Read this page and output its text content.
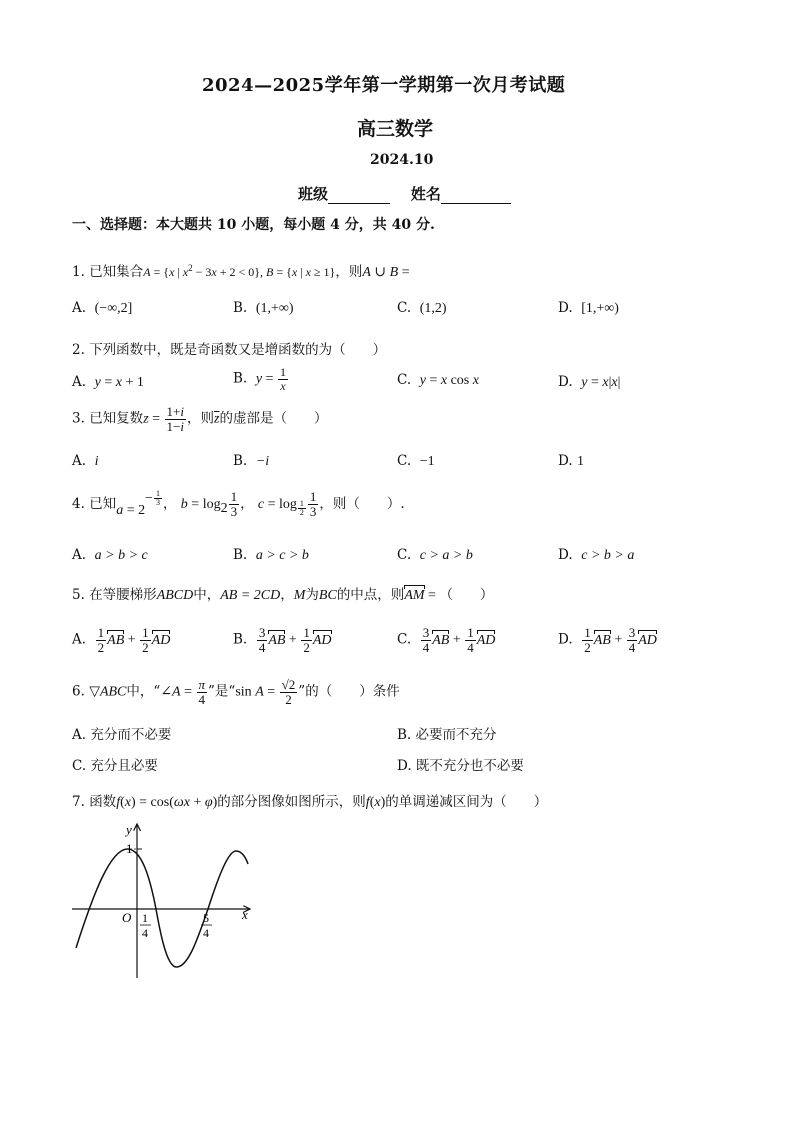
2024—2025学年第一学期第一次月考试题
高三数学
2024.10
班级	姓名
一、选择题：本大题共 10 小题，每小题 4 分，共 40 分.
1. 已知集合A = {x | $x^2 - 3x + 2 < 0$}, B = {x | x ≥ 1}，则A ∪ B =
A. (−∞,2]	B. (1,+∞)	C. (1,2)	D. [1,+∞)
2. 下列函数中，既是奇函数又是增函数的为（　　）
A. y = x + 1	B. $y = \frac{1}{x}$	C. y = x cos x	D. y = x|x|
3. 已知复数$z = \frac{1+i}{1-i}$ ，则$\overline{z}$的虚部是（　　）
A. i	B. −i	C. −1	D. 1
4. 已知$a = 2^{- \frac{1}{3}}$ ， $b = \log_2 \frac{1}{3}$ ， $c = \log _{\frac{1}{2}} \frac{1}{3}$ ，则（　　）.
A. a > b > c	B. a > c > b	C. c > a > b	D. c > b > a
5. 在等腰梯形ABCD中，AB = 2CD，M为BC的中点，则AM = （　　）
A. $\frac{1}{2}$ AB + $\frac{1}{2}$ AD	B. $\frac{3}{4}$ AB + $\frac{1}{2}$ AD	C. $\frac{3}{4}$ AB + $\frac{1}{4}$ AD	D. $\frac{1}{2}$ AB + $\frac{3}{4}$ AD
6. ▽ABC中，“∠A = $\frac{\pi}{4}$ ”是“sin $A = \frac{√2}{2}$ ”的（　　）条件
A. 充分而不必要	B. 必要而不充分
C. 充分且必要	D. 既不充分也不必要
7. 函数f(x) = cos(ωx + φ)的部分图像如图所示，则f(x)的单调递减区间为（　　）
y
1
x
O 1
4
5
4
